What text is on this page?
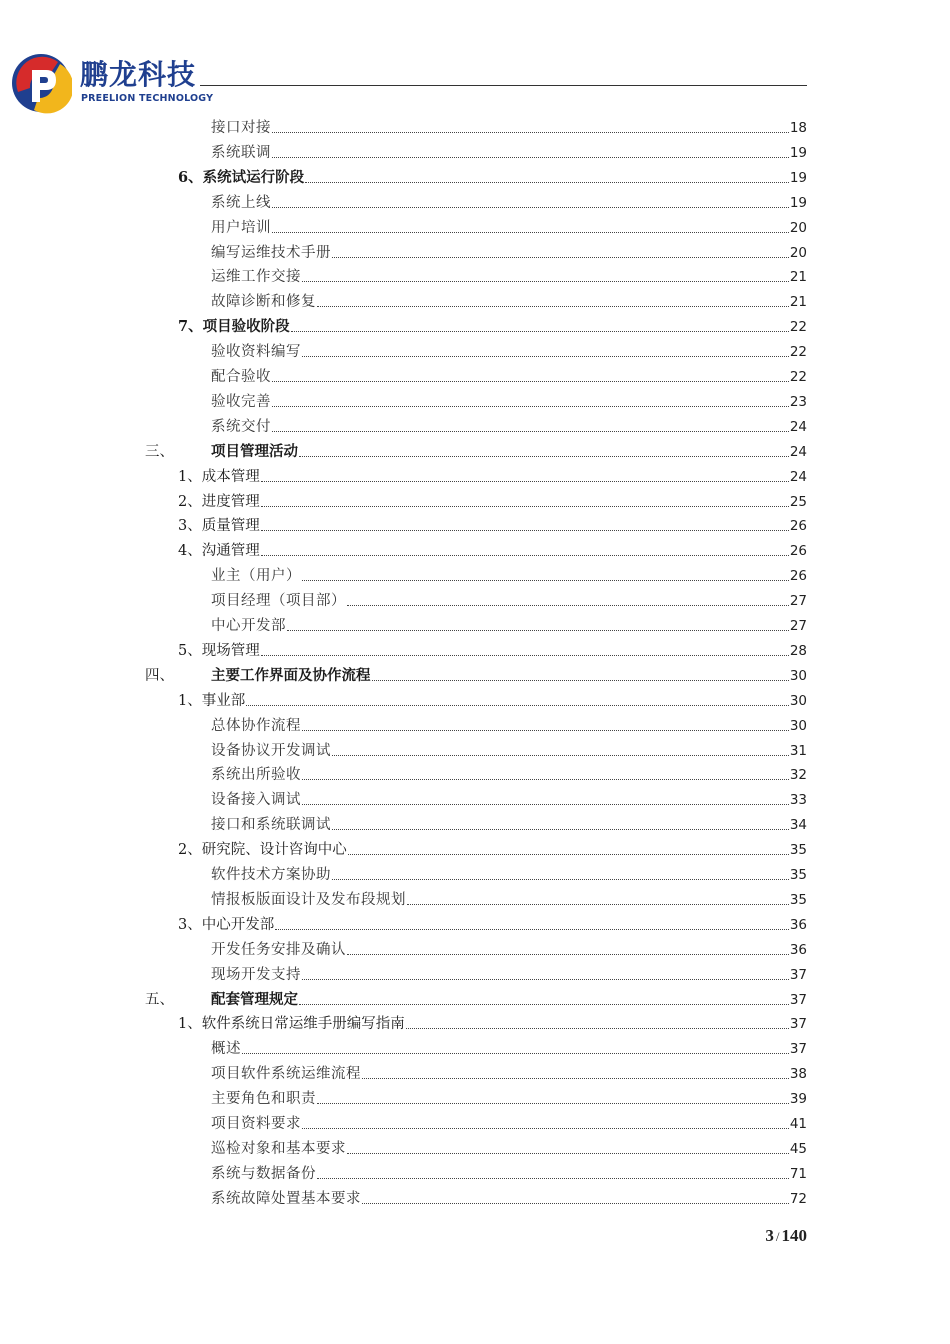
鹏龙科技
PREELION TECHNOLOGY
接口对接	18
系统联调	19
6、系统试运行阶段	19
系统上线	19
用户培训	20
编写运维技术手册	20
运维工作交接	21
故障诊断和修复	21
7、项目验收阶段	22
验收资料编写	22
配合验收	22
验收完善	23
系统交付	24
三、	项目管理活动	24
1、成本管理	24
2、进度管理	25
3、质量管理	26
4、沟通管理	26
业主（用户）	26
项目经理（项目部）	27
中心开发部	27
5、现场管理	28
四、	主要工作界面及协作流程	30
1、事业部	30
总体协作流程	30
设备协议开发调试	31
系统出所验收	32
设备接入调试	33
接口和系统联调试	34
2、研究院、设计咨询中心	35
软件技术方案协助	35
情报板版面设计及发布段规划	35
3、中心开发部	36
开发任务安排及确认	36
现场开发支持	37
五、	配套管理规定	37
1、软件系统日常运维手册编写指南	37
概述	37
项目软件系统运维流程	38
主要角色和职责	39
项目资料要求	41
巡检对象和基本要求	45
系统与数据备份	71
系统故障处置基本要求	72
3 / 140
